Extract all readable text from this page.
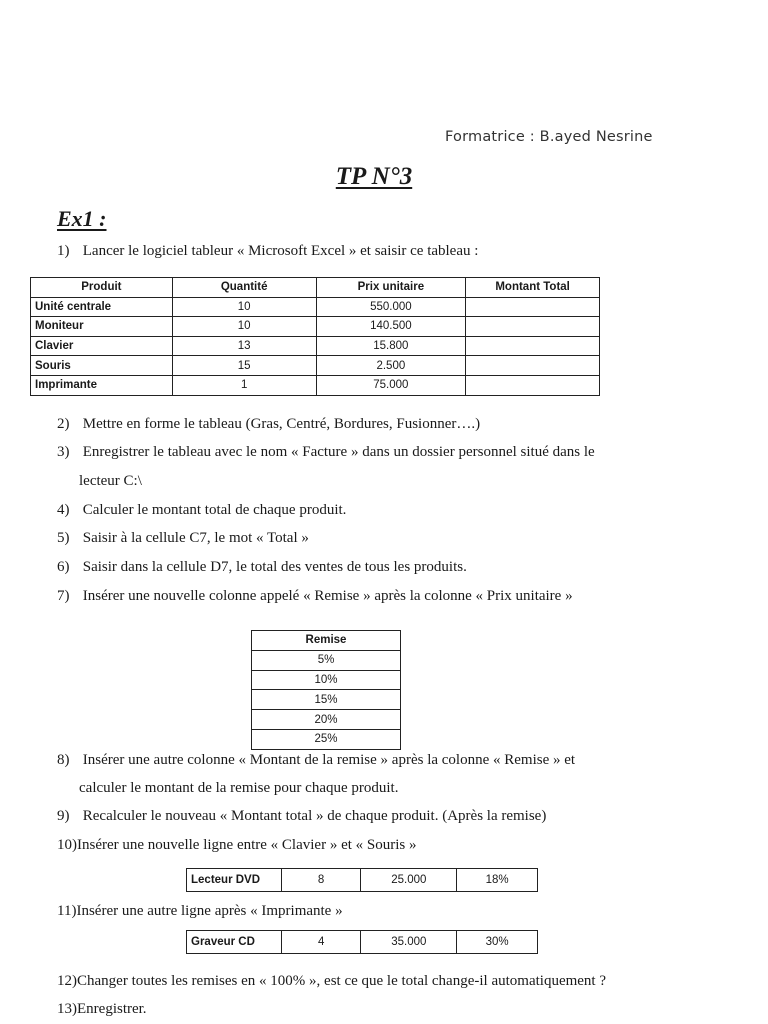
Formatrice : B.ayed Nesrine
TP N°3
Ex1 :
1) Lancer le logiciel tableur « Microsoft Excel » et saisir ce tableau :
Produit	Quantité	Prix unitaire	Montant Total
Unité centrale	10	550.000	
Moniteur	10	140.500	
Clavier	13	15.800	
Souris	15	2.500	
Imprimante	1	75.000	
2) Mettre en forme le tableau (Gras, Centré, Bordures, Fusionner….)
3) Enregistrer le tableau avec le nom « Facture » dans un dossier personnel situé dans le
lecteur C:\
4) Calculer le montant total de chaque produit.
5) Saisir à la cellule C7, le mot « Total »
6) Saisir dans la cellule D7, le total des ventes de tous les produits.
7) Insérer une nouvelle colonne appelé « Remise » après la colonne « Prix unitaire »
Remise
5%
10%
15%
20%
25%
8) Insérer une autre colonne « Montant de la remise » après la colonne « Remise » et
calculer le montant de la remise pour chaque produit.
9) Recalculer le nouveau « Montant total » de chaque produit. (Après la remise)
10)Insérer une nouvelle ligne entre « Clavier » et « Souris »
Lecteur DVD	8	25.000	18%
11)Insérer une autre ligne après « Imprimante »
Graveur CD	4	35.000	30%
12)Changer toutes les remises en « 100% », est ce que le total change-il automatiquement ?
13)Enregistrer.
